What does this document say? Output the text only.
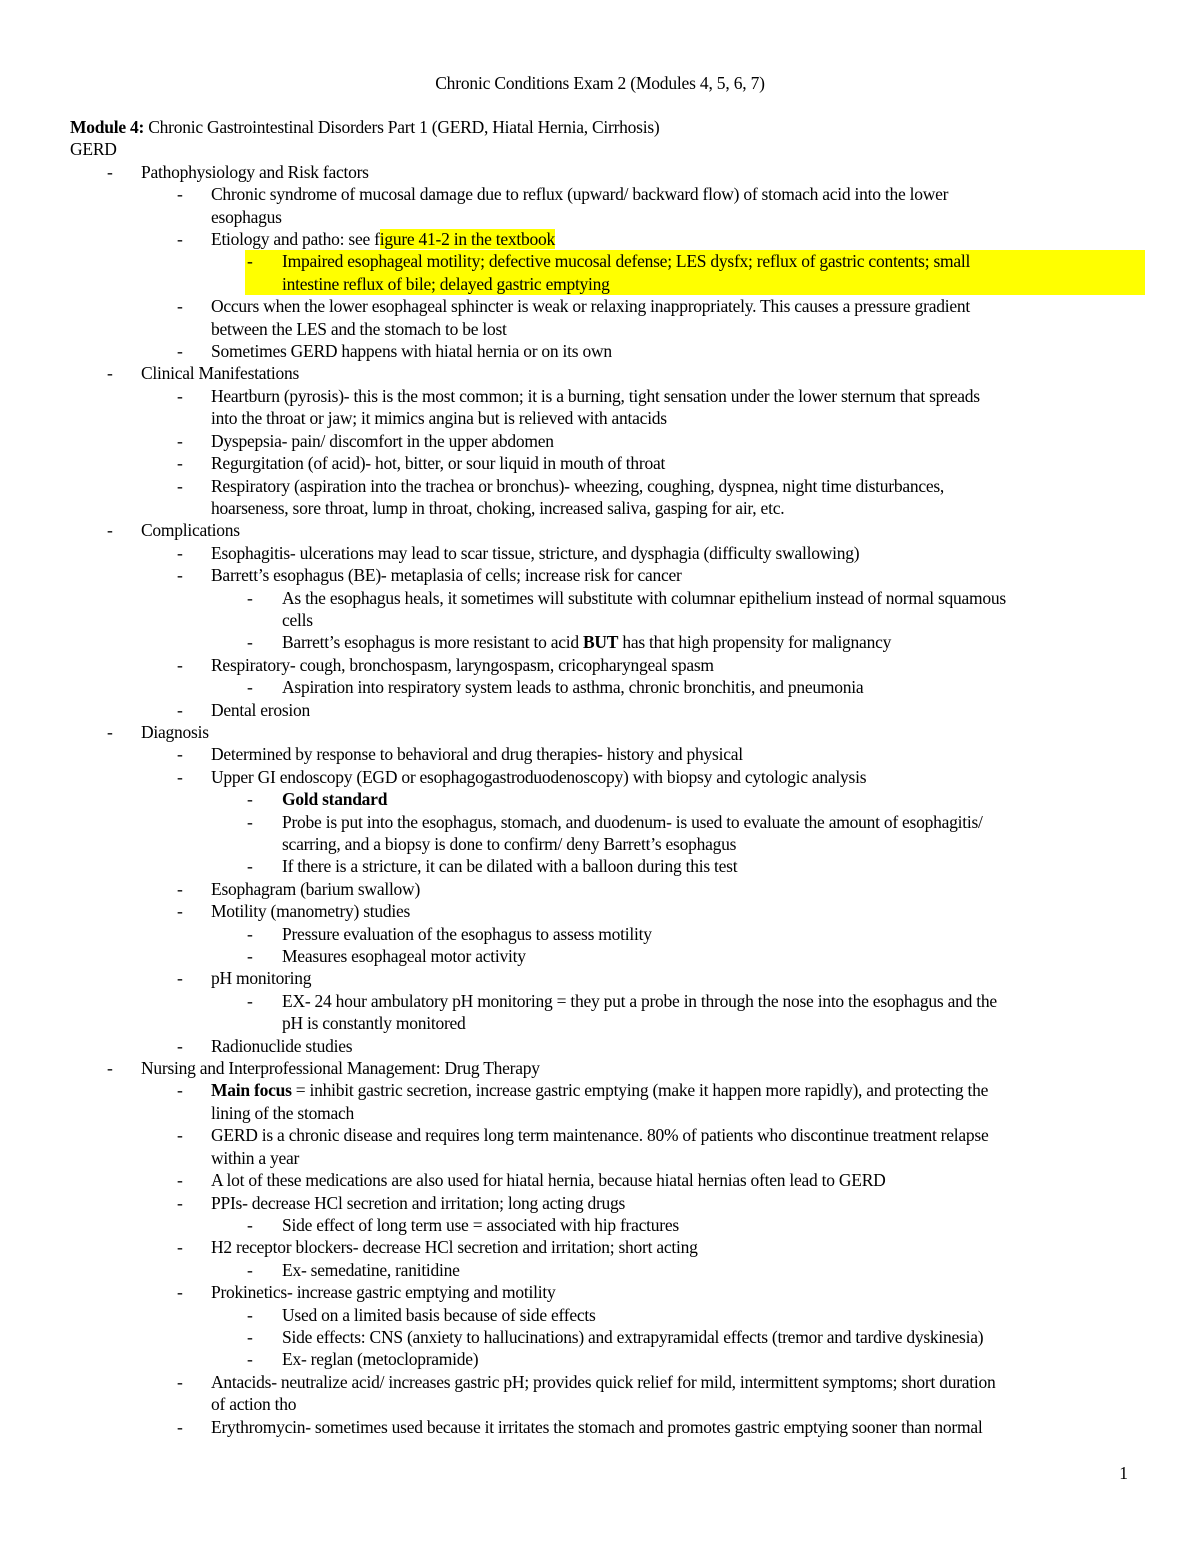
Chronic Conditions Exam 2 (Modules 4, 5, 6, 7)
Module 4: Chronic Gastrointestinal Disorders Part 1 (GERD, Hiatal Hernia, Cirrhosis)
GERD
- Pathophysiology and Risk factors
- Chronic syndrome of mucosal damage due to reflux (upward/ backward flow) of stomach acid into the lower
esophagus
- Etiology and patho: see figure 41-2 in the textbook
- Impaired esophageal motility; defective mucosal defense; LES dysfx; reflux of gastric contents; small
intestine reflux of bile; delayed gastric emptying
- Occurs when the lower esophageal sphincter is weak or relaxing inappropriately. This causes a pressure gradient
between the LES and the stomach to be lost
- Sometimes GERD happens with hiatal hernia or on its own
- Clinical Manifestations
- Heartburn (pyrosis)- this is the most common; it is a burning, tight sensation under the lower sternum that spreads
into the throat or jaw; it mimics angina but is relieved with antacids
- Dyspepsia- pain/ discomfort in the upper abdomen
- Regurgitation (of acid)- hot, bitter, or sour liquid in mouth of throat
- Respiratory (aspiration into the trachea or bronchus)- wheezing, coughing, dyspnea, night time disturbances,
hoarseness, sore throat, lump in throat, choking, increased saliva, gasping for air, etc.
- Complications
- Esophagitis- ulcerations may lead to scar tissue, stricture, and dysphagia (difficulty swallowing)
- Barrett’s esophagus (BE)- metaplasia of cells; increase risk for cancer
- As the esophagus heals, it sometimes will substitute with columnar epithelium instead of normal squamous
cells
- Barrett’s esophagus is more resistant to acid BUT has that high propensity for malignancy
- Respiratory- cough, bronchospasm, laryngospasm, cricopharyngeal spasm
- Aspiration into respiratory system leads to asthma, chronic bronchitis, and pneumonia
- Dental erosion
- Diagnosis
- Determined by response to behavioral and drug therapies- history and physical
- Upper GI endoscopy (EGD or esophagogastroduodenoscopy) with biopsy and cytologic analysis
- Gold standard
- Probe is put into the esophagus, stomach, and duodenum- is used to evaluate the amount of esophagitis/
scarring, and a biopsy is done to confirm/ deny Barrett’s esophagus
- If there is a stricture, it can be dilated with a balloon during this test
- Esophagram (barium swallow)
- Motility (manometry) studies
- Pressure evaluation of the esophagus to assess motility
- Measures esophageal motor activity
- pH monitoring
- EX- 24 hour ambulatory pH monitoring = they put a probe in through the nose into the esophagus and the
pH is constantly monitored
- Radionuclide studies
- Nursing and Interprofessional Management: Drug Therapy
- Main focus = inhibit gastric secretion, increase gastric emptying (make it happen more rapidly), and protecting the
lining of the stomach
- GERD is a chronic disease and requires long term maintenance. 80% of patients who discontinue treatment relapse
within a year
- A lot of these medications are also used for hiatal hernia, because hiatal hernias often lead to GERD
- PPIs- decrease HCl secretion and irritation; long acting drugs
- Side effect of long term use = associated with hip fractures
- H2 receptor blockers- decrease HCl secretion and irritation; short acting
- Ex- semedatine, ranitidine
- Prokinetics- increase gastric emptying and motility
- Used on a limited basis because of side effects
- Side effects: CNS (anxiety to hallucinations) and extrapyramidal effects (tremor and tardive dyskinesia)
- Ex- reglan (metoclopramide)
- Antacids- neutralize acid/ increases gastric pH; provides quick relief for mild, intermittent symptoms; short duration
of action tho
- Erythromycin- sometimes used because it irritates the stomach and promotes gastric emptying sooner than normal
1
